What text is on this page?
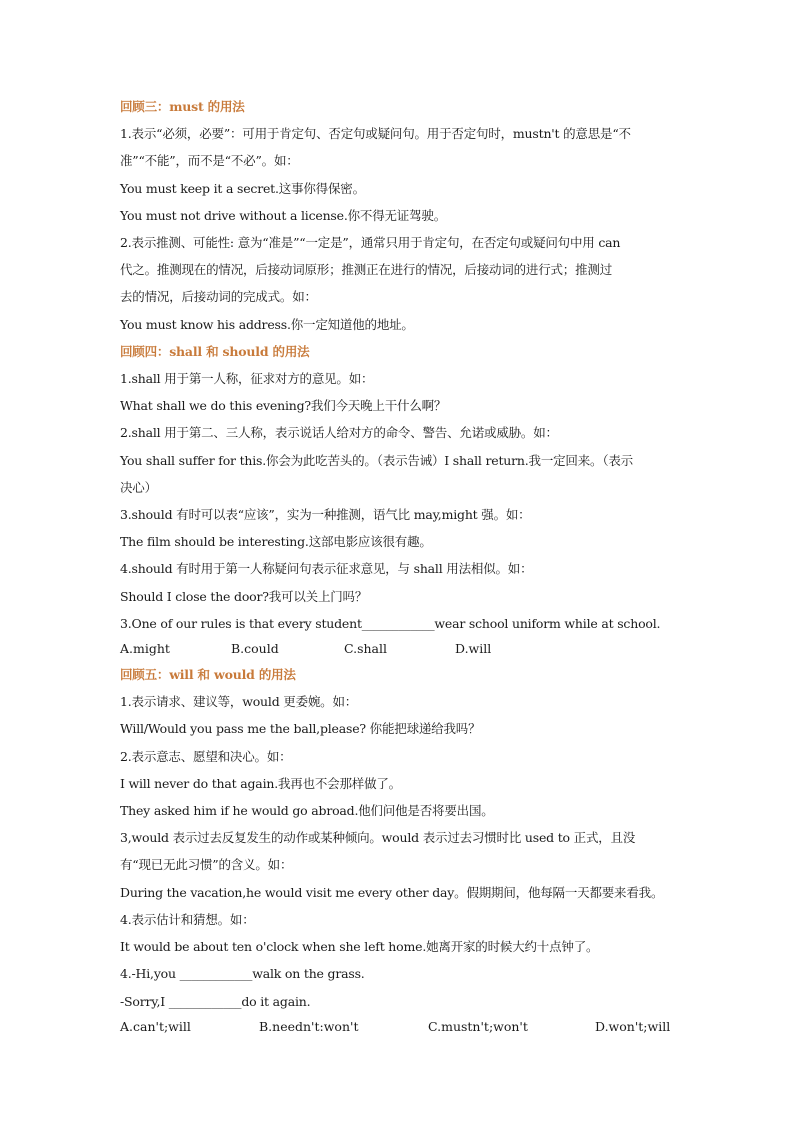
回顾三：must 的用法
1.表示“必须，必要”：可用于肯定句、否定句或疑问句。用于否定句时，mustn't 的意思是“不
准”“不能”，而不是“不必”。如：
You must keep it a secret.这事你得保密。
You must not drive without a license.你不得无证驾驶。
2.表示推测、可能性: 意为“准是”“一定是”，通常只用于肯定句，在否定句或疑问句中用 can
代之。推测现在的情况，后接动词原形；推测正在进行的情况，后接动词的进行式；推测过
去的情况，后接动词的完成式。如：
You must know his address.你一定知道他的地址。
回顾四：shall 和 should 的用法
1.shall 用于第一人称，征求对方的意见。如：
What shall we do this evening?我们今天晚上干什么啊？
2.shall 用于第二、三人称，表示说话人给对方的命令、警告、允诺或威胁。如：
You shall suffer for this.你会为此吃苦头的。（表示告诫）I shall return.我一定回来。（表示
决心）
3.should 有时可以表“应该”，实为一种推测，语气比 may,might 强。如：
The film should be interesting.这部电影应该很有趣。
4.should 有时用于第一人称疑问句表示征求意见，与 shall 用法相似。如：
Should I close the door?我可以关上门吗？
3.One of our rules is that every student____________wear school uniform while at school.
A.might	B.could	C.shall	D.will
回顾五：will 和 would 的用法
1.表示请求、建议等，would 更委婉。如：
Will/Would you pass me the ball,please? 你能把球递给我吗？
2.表示意志、愿望和决心。如：
I will never do that again.我再也不会那样做了。
They asked him if he would go abroad.他们问他是否将要出国。
3,would 表示过去反复发生的动作或某种倾向。would 表示过去习惯时比 used to 正式，且没
有“现已无此习惯”的含义。如：
During the vacation,he would visit me every other day。假期期间，他每隔一天都要来看我。
4.表示估计和猜想。如：
It would be about ten o'clock when she left home.她离开家的时候大约十点钟了。
4.-Hi,you ____________walk on the grass.
-Sorry,I ____________do it again.
A.can't;will	B.needn't:won't	C.mustn't;won't	D.won't;will
